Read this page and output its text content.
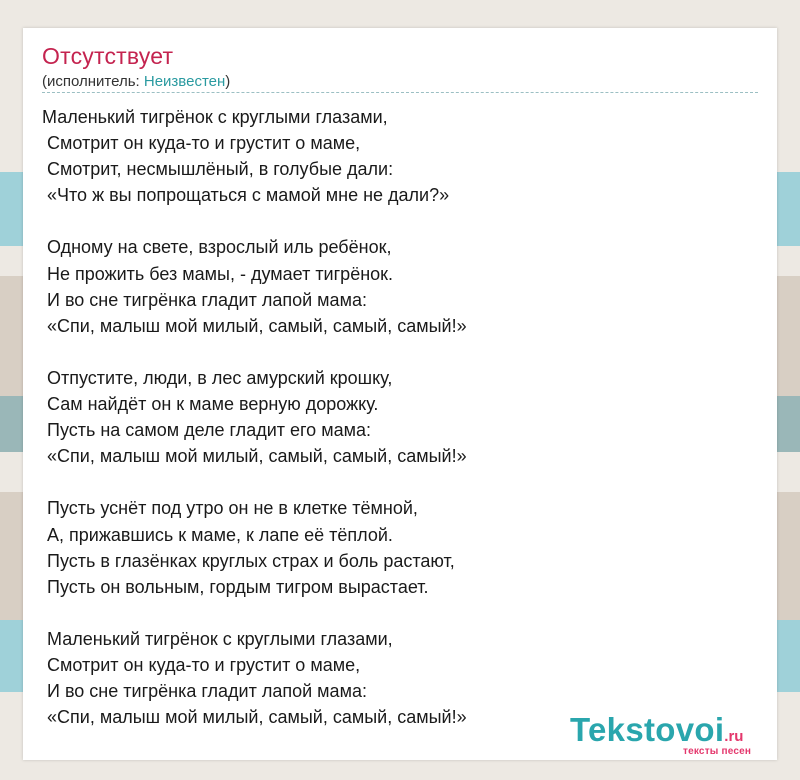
Отсутствует
(исполнитель: Неизвестен)
Маленький тигрёнок с круглыми глазами,
Смотрит он куда-то и грустит о маме,
Смотрит, несмышлёный, в голубые дали:
«Что ж вы попрощаться с мамой мне не дали?»

Одному на свете, взрослый иль ребёнок,
Не прожить без мамы, - думает тигрёнок.
И во сне тигрёнка гладит лапой мама:
«Спи, малыш мой милый, самый, самый, самый!»

Отпустите, люди, в лес амурский крошку,
Сам найдёт он к маме верную дорожку.
Пусть на самом деле гладит его мама:
«Спи, малыш мой милый, самый, самый, самый!»

Пусть уснёт под утро он не в клетке тёмной,
А, прижавшись к маме, к лапе её тёплой.
Пусть в глазёнках круглых страх и боль растают,
Пусть он вольным, гордым тигром вырастает.

Маленький тигрёнок с круглыми глазами,
Смотрит он куда-то и грустит о маме,
И во сне тигрёнка гладит лапой мама:
«Спи, малыш мой милый, самый, самый, самый!»	Tekstovoi.ru
тексты песен
